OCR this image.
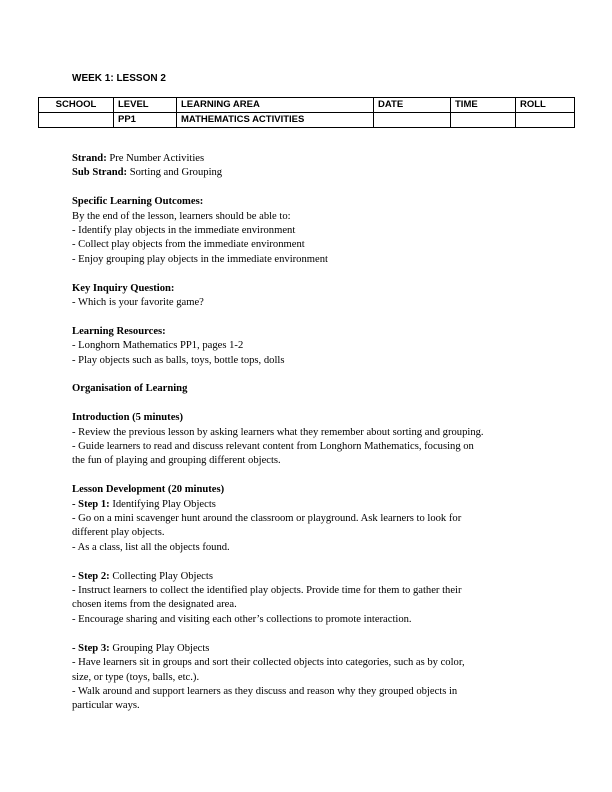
WEEK 1: LESSON 2
SCHOOL	LEVEL	LEARNING AREA	DATE	TIME	ROLL
	PP1	MATHEMATICS ACTIVITIES			

Strand: Pre Number Activities

Sub Strand: Sorting and Grouping

Specific Learning Outcomes:

By the end of the lesson, learners should be able to:

- Identify play objects in the immediate environment

- Collect play objects from the immediate environment

- Enjoy grouping play objects in the immediate environment

Key Inquiry Question:

- Which is your favorite game?

Learning Resources:

- Longhorn Mathematics PP1, pages 1-2

- Play objects such as balls, toys, bottle tops, dolls

Organisation of Learning

Introduction (5 minutes)

- Review the previous lesson by asking learners what they remember about sorting and grouping.

- Guide learners to read and discuss relevant content from Longhorn Mathematics, focusing on

the fun of playing and grouping different objects.

Lesson Development (20 minutes)

- Step 1: Identifying Play Objects

- Go on a mini scavenger hunt around the classroom or playground. Ask learners to look for

different play objects.

- As a class, list all the objects found.

- Step 2: Collecting Play Objects

- Instruct learners to collect the identified play objects. Provide time for them to gather their

chosen items from the designated area.

- Encourage sharing and visiting each other’s collections to promote interaction.

- Step 3: Grouping Play Objects

- Have learners sit in groups and sort their collected objects into categories, such as by color,

size, or type (toys, balls, etc.).

- Walk around and support learners as they discuss and reason why they grouped objects in

particular ways.
